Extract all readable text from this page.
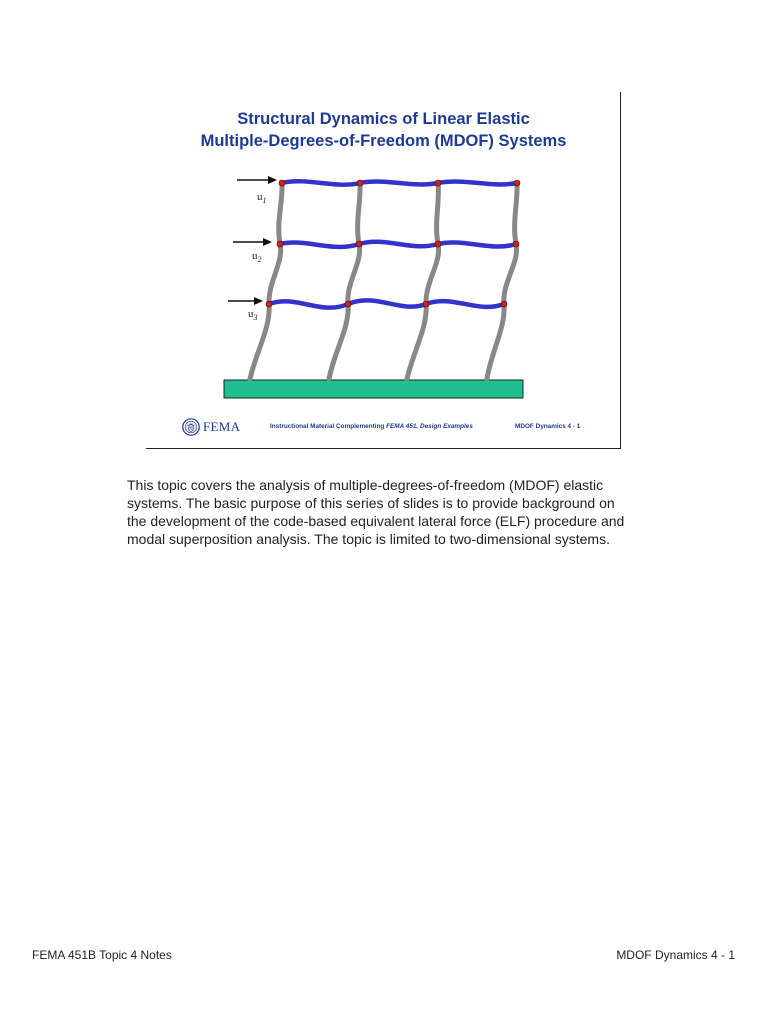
Structural Dynamics of Linear Elastic
Multiple-Degrees-of-Freedom (MDOF) Systems
$u_1$
$u_2$
$u_3$
FEMA	Instructional Material Complementing FEMA 451, Design Examples	MDOF Dynamics 4 - 1

This topic covers the analysis of multiple-degrees-of-freedom (MDOF) elastic systems. The basic purpose of this series of slides is to provide background on the development of the code-based equivalent lateral force (ELF) procedure and modal superposition analysis. The topic is limited to two-dimensional systems.

FEMA 451B Topic 4 Notes	MDOF Dynamics 4 - 1
